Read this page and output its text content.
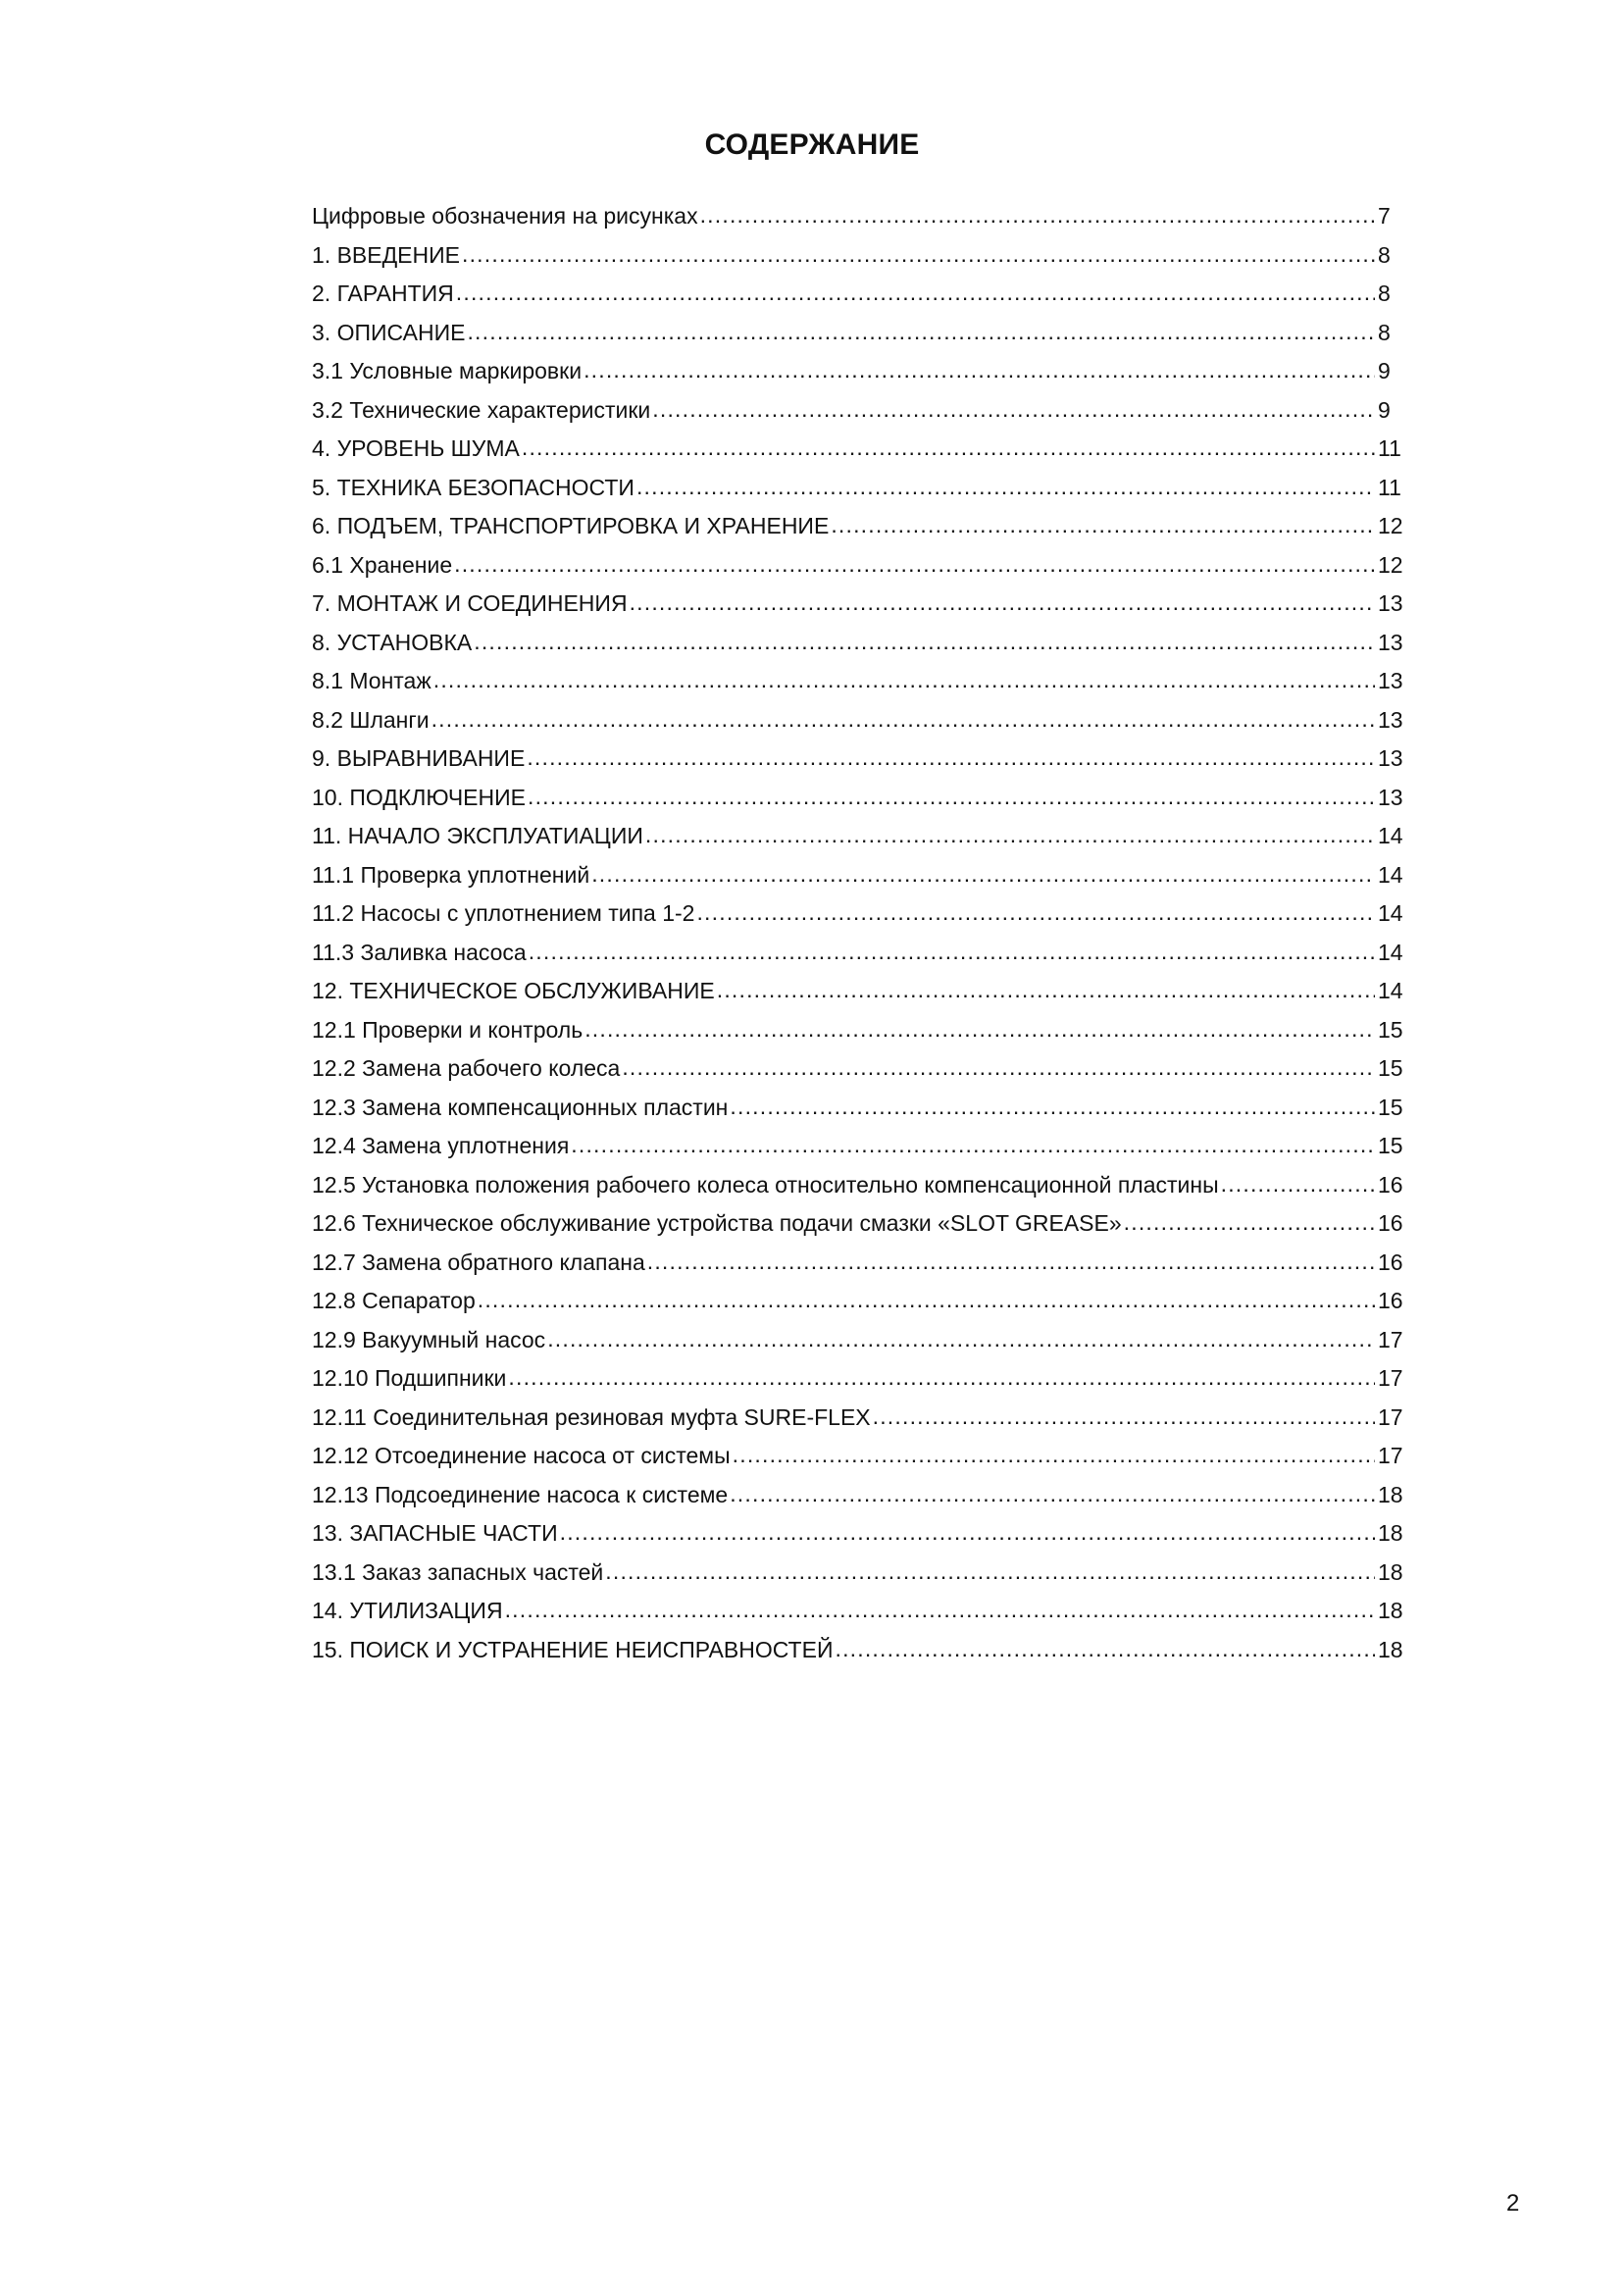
СОДЕРЖАНИЕ
Цифровые обозначения на рисунках .....	7
1. ВВЕДЕНИЕ .....	8
2. ГАРАНТИЯ .....	8
3. ОПИСАНИЕ .....	8
3.1 Условные маркировки .....	9
3.2 Технические характеристики .....	9
4. УРОВЕНЬ ШУМА .....	11
5. ТЕХНИКА БЕЗОПАСНОСТИ .....	11
6. ПОДЪЕМ, ТРАНСПОРТИРОВКА И ХРАНЕНИЕ .....	12
6.1 Хранение .....	12
7. МОНТАЖ И СОЕДИНЕНИЯ .....	13
8. УСТАНОВКА .....	13
8.1 Монтаж .....	13
8.2 Шланги .....	13
9. ВЫРАВНИВАНИЕ .....	13
10. ПОДКЛЮЧЕНИЕ .....	13
11. НАЧАЛО ЭКСПЛУАТИАЦИИ .....	14
11.1 Проверка уплотнений .....	14
11.2 Насосы с уплотнением типа 1-2 .....	14
11.3 Заливка насоса .....	14
12. ТЕХНИЧЕСКОЕ ОБСЛУЖИВАНИЕ .....	14
12.1 Проверки и контроль .....	15
12.2 Замена рабочего колеса .....	15
12.3 Замена компенсационных пластин .....	15
12.4 Замена уплотнения .....	15
12.5 Установка положения рабочего колеса относительно компенсационной пластины .....	16
12.6 Техническое обслуживание устройства подачи смазки «SLOT GREASE» .....	16
12.7 Замена обратного клапана .....	16
12.8 Сепаратор .....	16
12.9 Вакуумный насос .....	17
12.10 Подшипники .....	17
12.11 Соединительная резиновая муфта SURE-FLEX .....	17
12.12 Отсоединение насоса от системы .....	17
12.13 Подсоединение насоса к системе .....	18
13. ЗАПАСНЫЕ ЧАСТИ .....	18
13.1 Заказ запасных частей .....	18
14. УТИЛИЗАЦИЯ .....	18
15. ПОИСК И УСТРАНЕНИЕ НЕИСПРАВНОСТЕЙ .....	18
2
